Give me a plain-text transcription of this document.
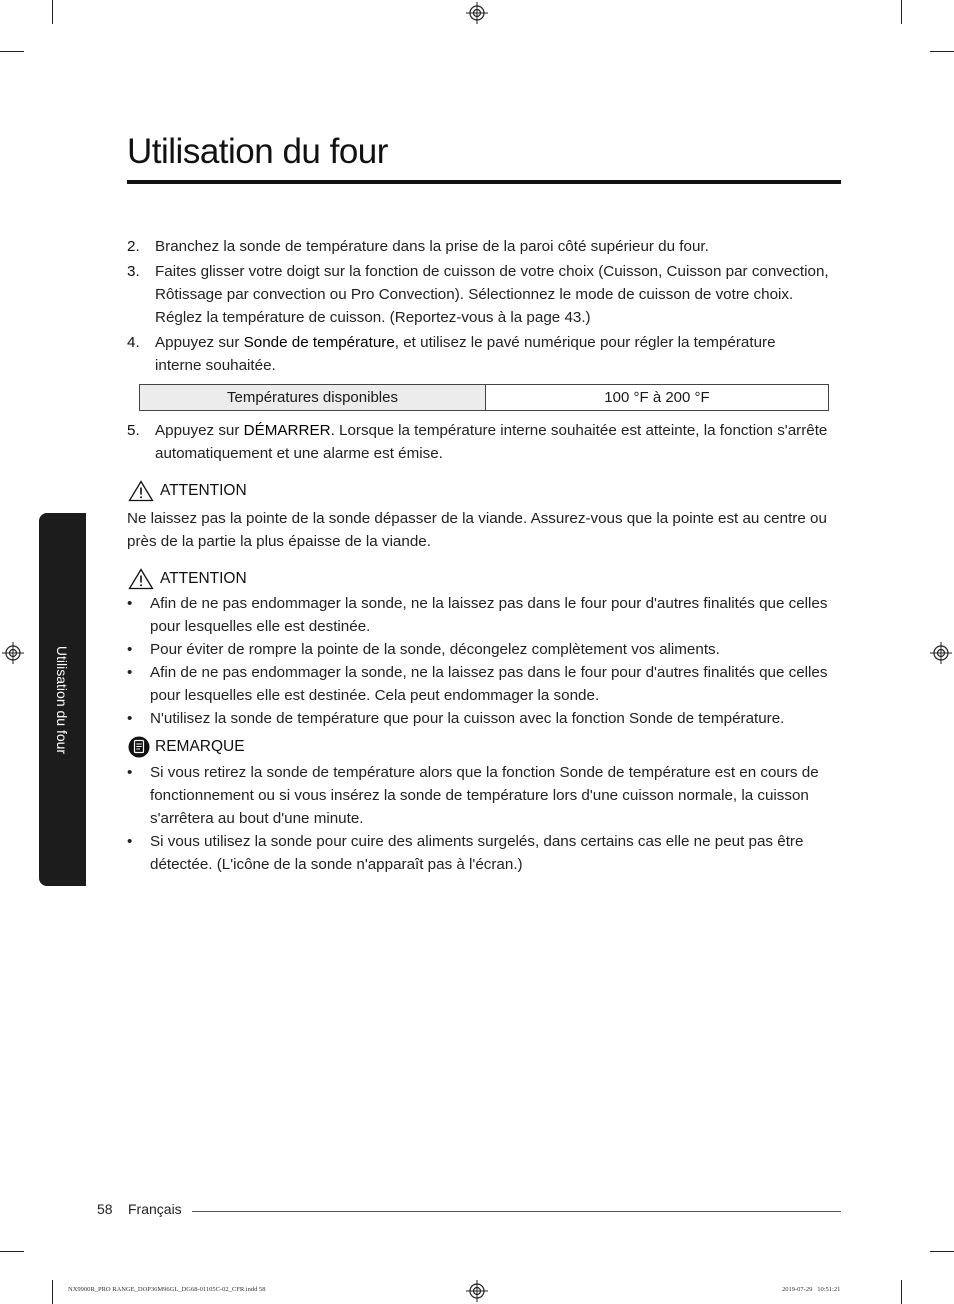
Utilisation du four
Utilisation du four
2.	Branchez la sonde de température dans la prise de la paroi côté supérieur du four.
3.	Faites glisser votre doigt sur la fonction de cuisson de votre choix (Cuisson, Cuisson par convection,
Rôtissage par convection ou Pro Convection). Sélectionnez le mode de cuisson de votre choix.
Réglez la température de cuisson. (Reportez-vous à la page 43.)
4.	Appuyez sur Sonde de température, et utilisez le pavé numérique pour régler la température
interne souhaitée.
Températures disponibles	100 °F à 200 °F
5.	Appuyez sur DÉMARRER. Lorsque la température interne souhaitée est atteinte, la fonction s'arrête
automatiquement et une alarme est émise.
ATTENTION
Ne laissez pas la pointe de la sonde dépasser de la viande. Assurez-vous que la pointe est au centre ou
près de la partie la plus épaisse de la viande.
ATTENTION
• Afin de ne pas endommager la sonde, ne la laissez pas dans le four pour d'autres finalités que celles
pour lesquelles elle est destinée.
• Pour éviter de rompre la pointe de la sonde, décongelez complètement vos aliments.
• Afin de ne pas endommager la sonde, ne la laissez pas dans le four pour d'autres finalités que celles
pour lesquelles elle est destinée. Cela peut endommager la sonde.
• N'utilisez la sonde de température que pour la cuisson avec la fonction Sonde de température.
REMARQUE
• Si vous retirez la sonde de température alors que la fonction Sonde de température est en cours de
fonctionnement ou si vous insérez la sonde de température lors d'une cuisson normale, la cuisson
s'arrêtera au bout d'une minute.
• Si vous utilisez la sonde pour cuire des aliments surgelés, dans certains cas elle ne peut pas être
détectée. (L'icône de la sonde n'apparaît pas à l'écran.)
58 Français
NX9900R_PRO RANGE_DOP36M96GL_DG68-01105C-02_CFR.indd 58	2019-07-29   10:51:21
